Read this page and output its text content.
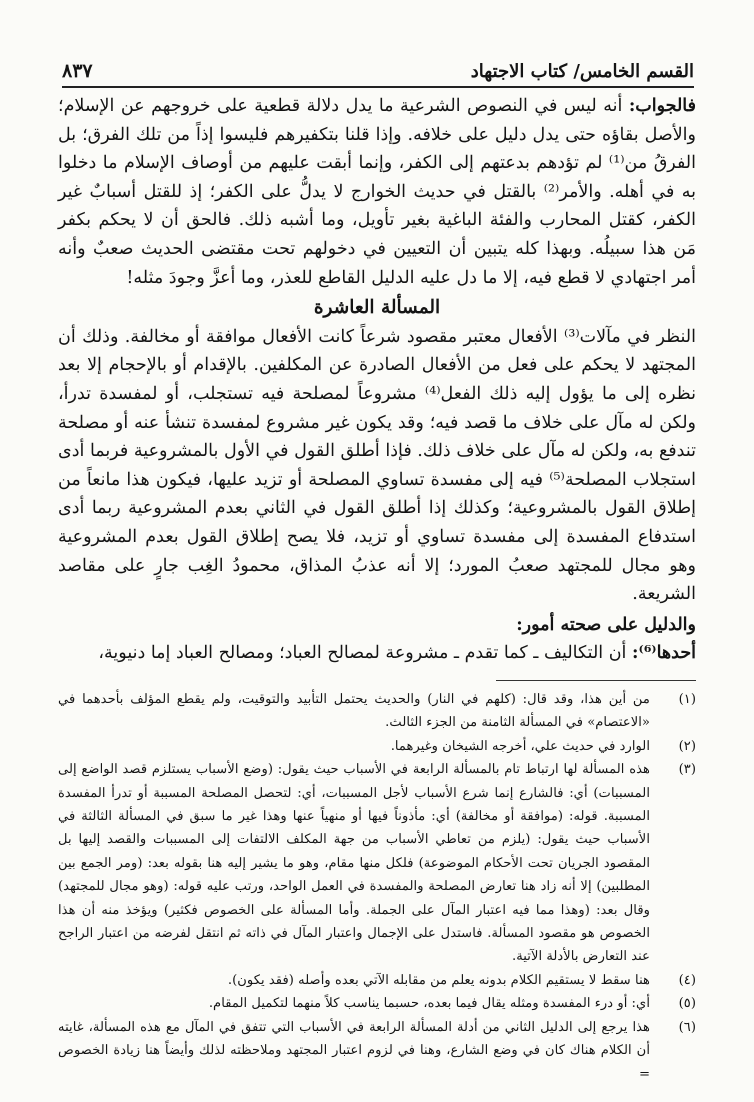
٨٣٧	القسم الخامس/ كتاب الاجتهاد

فالجواب: أنه ليس في النصوص الشرعية ما يدل دلالة قطعية على خروجهم عن الإسلام؛ والأصل بقاؤه حتى يدل دليل على خلافه. وإذا قلنا بتكفيرهم فليسوا إذاً من تلك الفرق؛ بل الفرقُ من⁽¹⁾ لم تؤدهم بدعتهم إلى الكفر، وإنما أبقت عليهم من أوصاف الإسلام ما دخلوا به في أهله. والأمر⁽²⁾ بالقتل في حديث الخوارج لا يدلُّ على الكفر؛ إذ للقتل أسبابٌ غير الكفر، كقتل المحارب والفئة الباغية بغير تأويل، وما أشبه ذلك. فالحق أن لا يحكم بكفر مَن هذا سبيلُه. وبهذا كله يتبين أن التعيين في دخولهم تحت مقتضى الحديث صعبٌ وأنه أمر اجتهادي لا قطع فيه، إلا ما دل عليه الدليل القاطع للعذر، وما أعزَّ وجودَ مثله!

المسألة العاشرة

النظر في مآلات⁽³⁾ الأفعال معتبر مقصود شرعاً كانت الأفعال موافقة أو مخالفة. وذلك أن المجتهد لا يحكم على فعل من الأفعال الصادرة عن المكلفين. بالإقدام أو بالإحجام إلا بعد نظره إلى ما يؤول إليه ذلك الفعل⁽⁴⁾ مشروعاً لمصلحة فيه تستجلب، أو لمفسدة تدرأ، ولكن له مآل على خلاف ما قصد فيه؛ وقد يكون غير مشروع لمفسدة تنشأ عنه أو مصلحة تندفع به، ولكن له مآل على خلاف ذلك. فإذا أطلق القول في الأول بالمشروعية فربما أدى استجلاب المصلحة⁽⁵⁾ فيه إلى مفسدة تساوي المصلحة أو تزيد عليها، فيكون هذا مانعاً من إطلاق القول بالمشروعية؛ وكذلك إذا أطلق القول في الثاني بعدم المشروعية ربما أدى استدفاع المفسدة إلى مفسدة تساوي أو تزيد، فلا يصح إطلاق القول بعدم المشروعية وهو مجال للمجتهد صعبُ المورد؛ إلا أنه عذبُ المذاق، محمودُ الغِب جارٍ على مقاصد الشريعة.

والدليل على صحته أمور:

أحدها⁽⁶⁾: أن التكاليف ـ كما تقدم ـ مشروعة لمصالح العباد؛ ومصالح العباد إما دنيوية،

(١)
من أين هذا، وقد قال: (كلهم في النار) والحديث يحتمل التأبيد والتوقيت، ولم يقطع المؤلف بأحدهما في «الاعتصام» في المسألة الثامنة من الجزء الثالث.
(٢)
الوارد في حديث علي، أخرجه الشيخان وغيرهما.
(٣)
هذه المسألة لها ارتباط تام بالمسألة الرابعة في الأسباب حيث يقول: (وضع الأسباب يستلزم قصد الواضع إلى المسببات) أي: فالشارع إنما شرع الأسباب لأجل المسببات، أي: لتحصل المصلحة المسببة أو تدرأ المفسدة المسببة. قوله: (موافقة أو مخالفة) أي: مأذوناً فيها أو منهياً عنها وهذا غير ما سبق في المسألة الثالثة في الأسباب حيث يقول: (يلزم من تعاطي الأسباب من جهة المكلف الالتفات إلى المسببات والقصد إليها بل المقصود الجريان تحت الأحكام الموضوعة) فلكل منها مقام، وهو ما يشير إليه هنا بقوله بعد: (ومر الجمع بين المطلبين) إلا أنه زاد هنا تعارض المصلحة والمفسدة في العمل الواحد، ورتب عليه قوله: (وهو مجال للمجتهد) وقال بعد: (وهذا مما فيه اعتبار المآل على الجملة. وأما المسألة على الخصوص فكثير) ويؤخذ منه أن هذا الخصوص هو مقصود المسألة. فاستدل على الإجمال واعتبار المآل في ذاته ثم انتقل لفرضه من اعتبار الراجح عند التعارض بالأدلة الآتية.
(٤)
هنا سقط لا يستقيم الكلام بدونه يعلم من مقابله الآتي بعده وأصله (فقد يكون).
(٥)
أي: أو درء المفسدة ومثله يقال فيما بعده، حسبما يناسب كلاً منهما لتكميل المقام.
(٦)
هذا يرجع إلى الدليل الثاني من أدلة المسألة الرابعة في الأسباب التي تتفق في المآل مع هذه المسألة، غايته أن الكلام هناك كان في وضع الشارع، وهنا في لزوم اعتبار المجتهد وملاحظته لذلك وأيضاً هنا زيادة الخصوص =
